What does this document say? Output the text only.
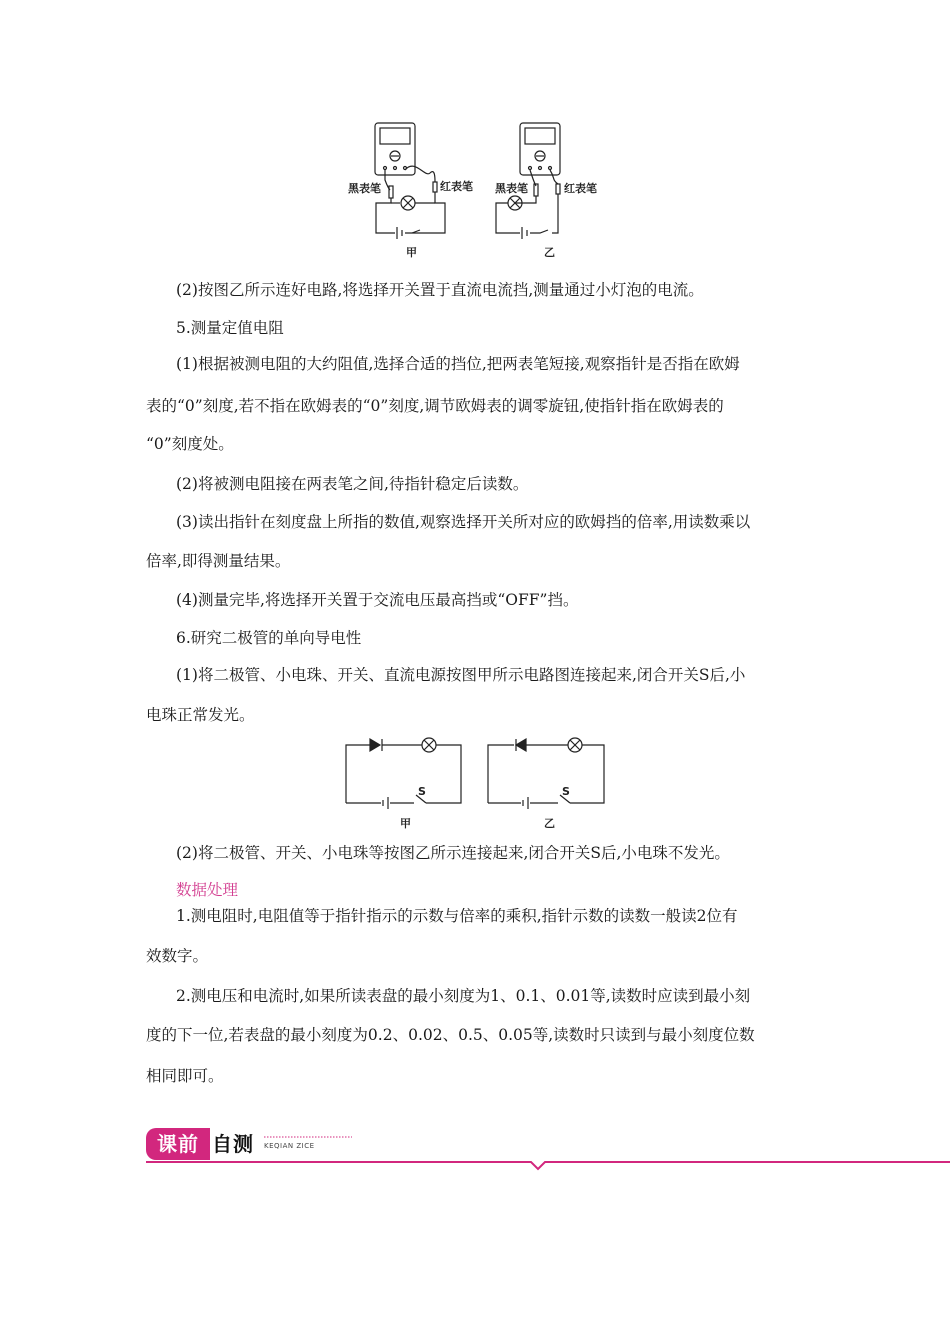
黑表笔	红表笔
甲
黑表笔	红表笔
乙
(2)按图乙所示连好电路,将选择开关置于直流电流挡,测量通过小灯泡的电流。
5.测量定值电阻
(1)根据被测电阻的大约阻值,选择合适的挡位,把两表笔短接,观察指针是否指在欧姆
表的“0”刻度,若不指在欧姆表的“0”刻度,调节欧姆表的调零旋钮,使指针指在欧姆表的
“0”刻度处。
(2)将被测电阻接在两表笔之间,待指针稳定后读数。
(3)读出指针在刻度盘上所指的数值,观察选择开关所对应的欧姆挡的倍率,用读数乘以
倍率,即得测量结果。
(4)测量完毕,将选择开关置于交流电压最高挡或“OFF”挡。
6.研究二极管的单向导电性
(1)将二极管、小电珠、开关、直流电源按图甲所示电路图连接起来,闭合开关S后,小
电珠正常发光。
S
甲
S
乙
(2)将二极管、开关、小电珠等按图乙所示连接起来,闭合开关S后,小电珠不发光。
数据处理
1.测电阻时,电阻值等于指针指示的示数与倍率的乘积,指针示数的读数一般读2位有
效数字。
2.测电压和电流时,如果所读表盘的最小刻度为1、0.1、0.01等,读数时应读到最小刻
度的下一位,若表盘的最小刻度为0.2、0.02、0.5、0.05等,读数时只读到与最小刻度位数
相同即可。
课前 自测 KEQIAN ZICE
